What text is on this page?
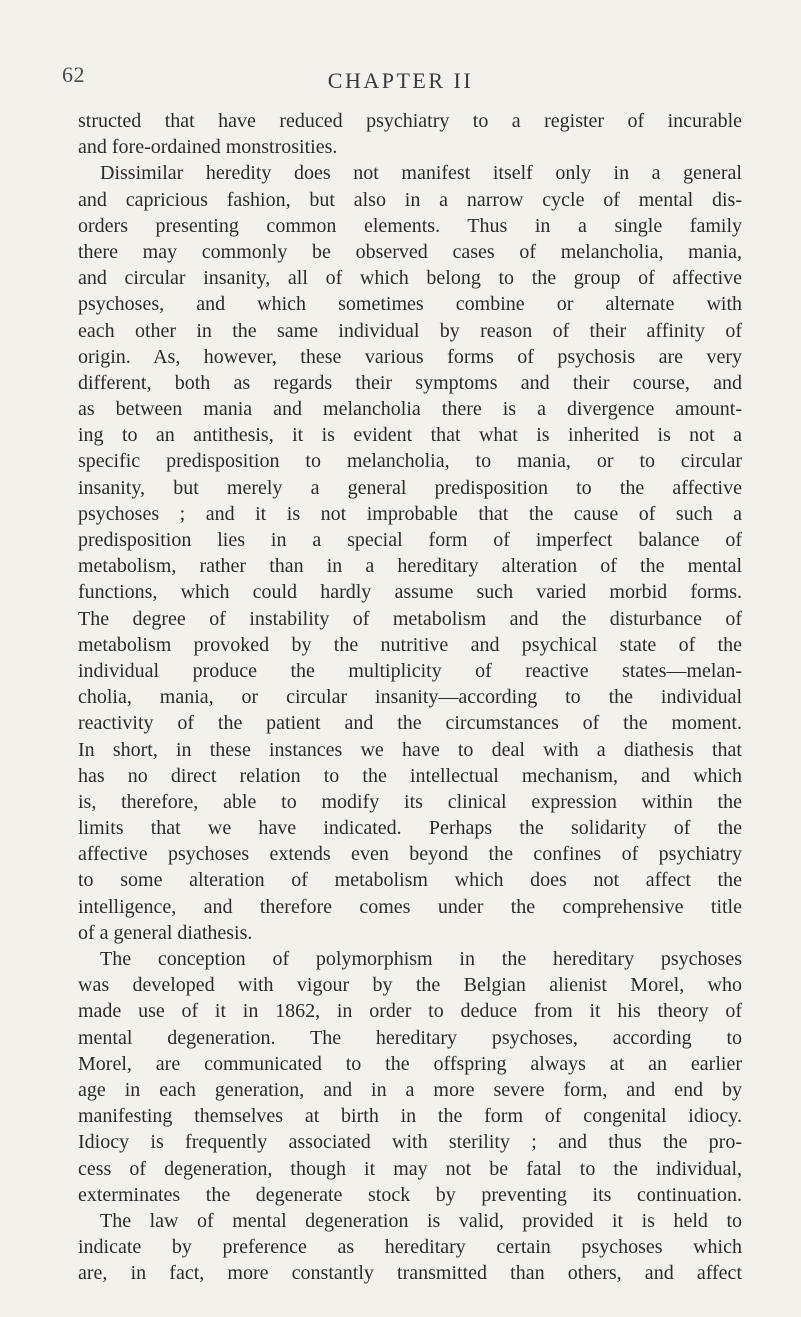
62	CHAPTER II
structed that have reduced psychiatry to a register of incurable
and fore-ordained monstrosities.
Dissimilar heredity does not manifest itself only in a general
and capricious fashion, but also in a narrow cycle of mental dis-
orders presenting common elements. Thus in a single family
there may commonly be observed cases of melancholia, mania,
and circular insanity, all of which belong to the group of affective
psychoses, and which sometimes combine or alternate with
each other in the same individual by reason of their affinity of
origin. As, however, these various forms of psychosis are very
different, both as regards their symptoms and their course, and
as between mania and melancholia there is a divergence amount-
ing to an antithesis, it is evident that what is inherited is not a
specific predisposition to melancholia, to mania, or to circular
insanity, but merely a general predisposition to the affective
psychoses ; and it is not improbable that the cause of such a
predisposition lies in a special form of imperfect balance of
metabolism, rather than in a hereditary alteration of the mental
functions, which could hardly assume such varied morbid forms.
The degree of instability of metabolism and the disturbance of
metabolism provoked by the nutritive and psychical state of the
individual produce the multiplicity of reactive states—melan-
cholia, mania, or circular insanity—according to the individual
reactivity of the patient and the circumstances of the moment.
In short, in these instances we have to deal with a diathesis that
has no direct relation to the intellectual mechanism, and which
is, therefore, able to modify its clinical expression within the
limits that we have indicated. Perhaps the solidarity of the
affective psychoses extends even beyond the confines of psychiatry
to some alteration of metabolism which does not affect the
intelligence, and therefore comes under the comprehensive title
of a general diathesis.
The conception of polymorphism in the hereditary psychoses
was developed with vigour by the Belgian alienist Morel, who
made use of it in 1862, in order to deduce from it his theory of
mental degeneration. The hereditary psychoses, according to
Morel, are communicated to the offspring always at an earlier
age in each generation, and in a more severe form, and end by
manifesting themselves at birth in the form of congenital idiocy.
Idiocy is frequently associated with sterility ; and thus the pro-
cess of degeneration, though it may not be fatal to the individual,
exterminates the degenerate stock by preventing its continuation.
The law of mental degeneration is valid, provided it is held to
indicate by preference as hereditary certain psychoses which
are, in fact, more constantly transmitted than others, and affect
